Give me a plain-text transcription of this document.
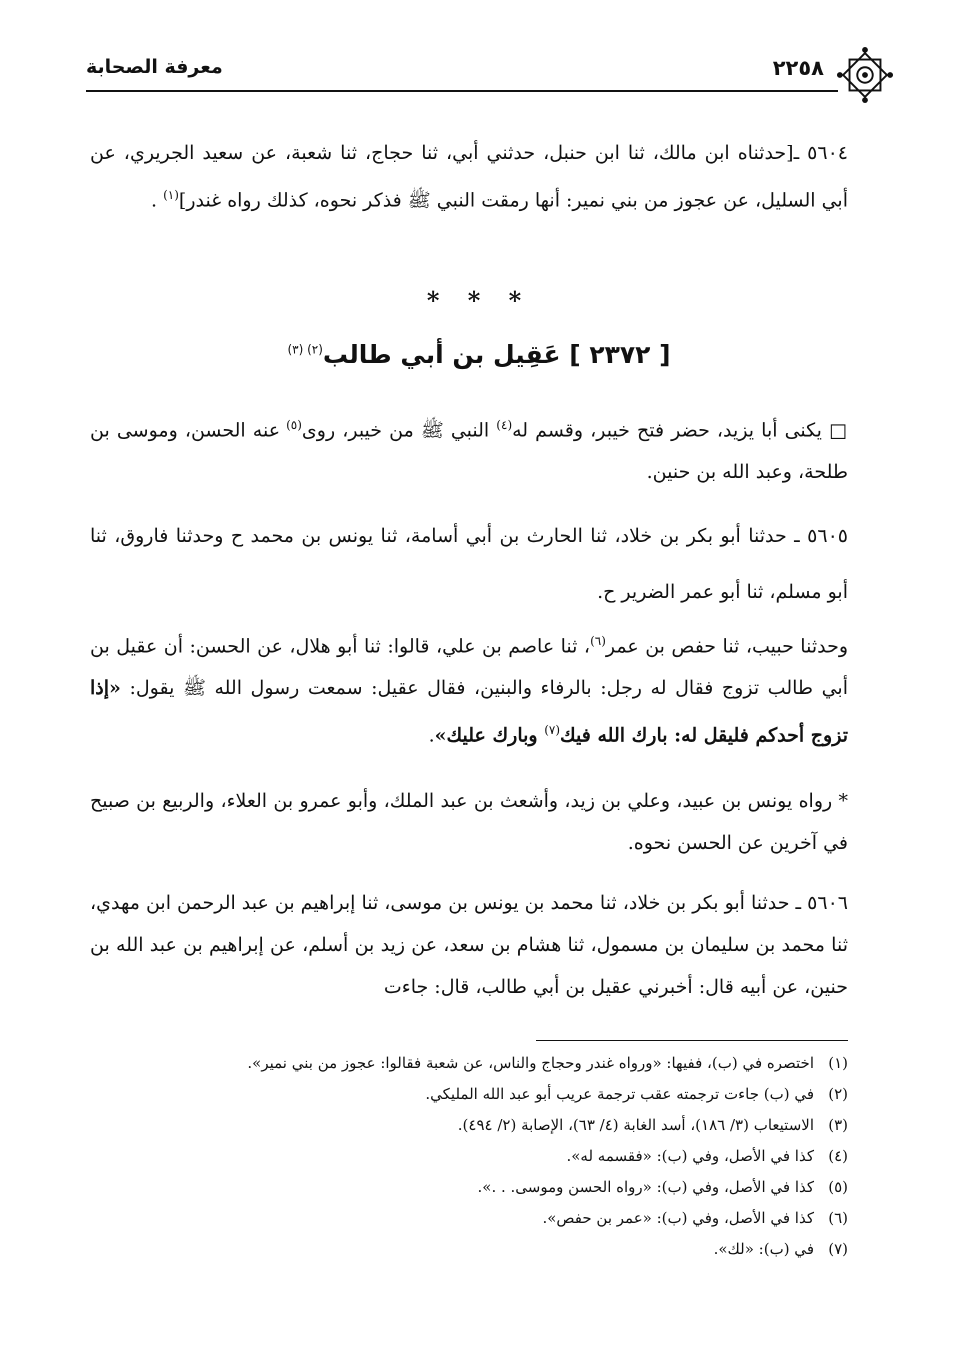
٢٢٥٨
معرفة الصحابة

٥٦٠٤ ـ[حدثناه ابن مالك، ثنا ابن حنبل، حدثني أبي، ثنا حجاج، ثنا شعبة، عن سعيد الجريري، عن أبي السليل، عن عجوز من بني نمير: أنها رمقت النبي ﷺ فذكر نحوه، كذلك رواه غندر]$^{(١)}$ .

* * *
[ ٢٣٧٢ ] عَقِيل بن أبي طالب$^{(٢) (٣)}$

□ يكنى أبا يزيد، حضر فتح خيبر، وقسم له$^{(٤)}$ النبي ﷺ من خيبر، روى$^{(٥)}$ عنه الحسن، وموسى بن طلحة، وعبد الله بن حنين.

٥٦٠٥ ـ حدثنا أبو بكر بن خلاد، ثنا الحارث بن أبي أسامة، ثنا يونس بن محمد ح وحدثنا فاروق، ثنا أبو مسلم، ثنا أبو عمر الضرير ح.

وحدثنا حبيب، ثنا حفص بن عمر$^{(٦)}$، ثنا عاصم بن علي، قالوا: ثنا أبو هلال، عن الحسن: أن عقيل بن أبي طالب تزوج فقال له رجل: بالرفاء والبنين، فقال عقيل: سمعت رسول الله ﷺ يقول: «إذا تزوج أحدكم فليقل له: بارك الله فيك$^{(٧)}$ وبارك عليك».

* رواه يونس بن عبيد، وعلي بن زيد، وأشعث بن عبد الملك، وأبو عمرو بن العلاء، والربيع بن صبيح في آخرين عن الحسن نحوه.

٥٦٠٦ ـ حدثنا أبو بكر بن خلاد، ثنا محمد بن يونس بن موسى، ثنا إبراهيم بن عبد الرحمن ابن مهدي، ثنا محمد بن سليمان بن مسمول، ثنا هشام بن سعد، عن زيد بن أسلم، عن إبراهيم بن عبد الله بن حنين، عن أبيه قال: أخبرني عقيل بن أبي طالب، قال: جاءت

(١)اختصره في (ب)، ففيها: «ورواه غندر وحجاج والناس، عن شعبة فقالوا: عجوز من بني نمير».
(٢)في (ب) جاءت ترجمته عقب ترجمة عريب أبو عبد الله المليكي.
(٣)الاستيعاب (٣/ ١٨٦)، أسد الغابة (٤/ ٦٣)، الإصابة (٢/ ٤٩٤).
(٤)كذا في الأصل، وفي (ب): «فقسمه له».
(٥)كذا في الأصل، وفي (ب): «رواه الحسن وموسى. . .».
(٦)كذا في الأصل، وفي (ب): «عمر بن حفص».
(٧)في (ب): «لك».
